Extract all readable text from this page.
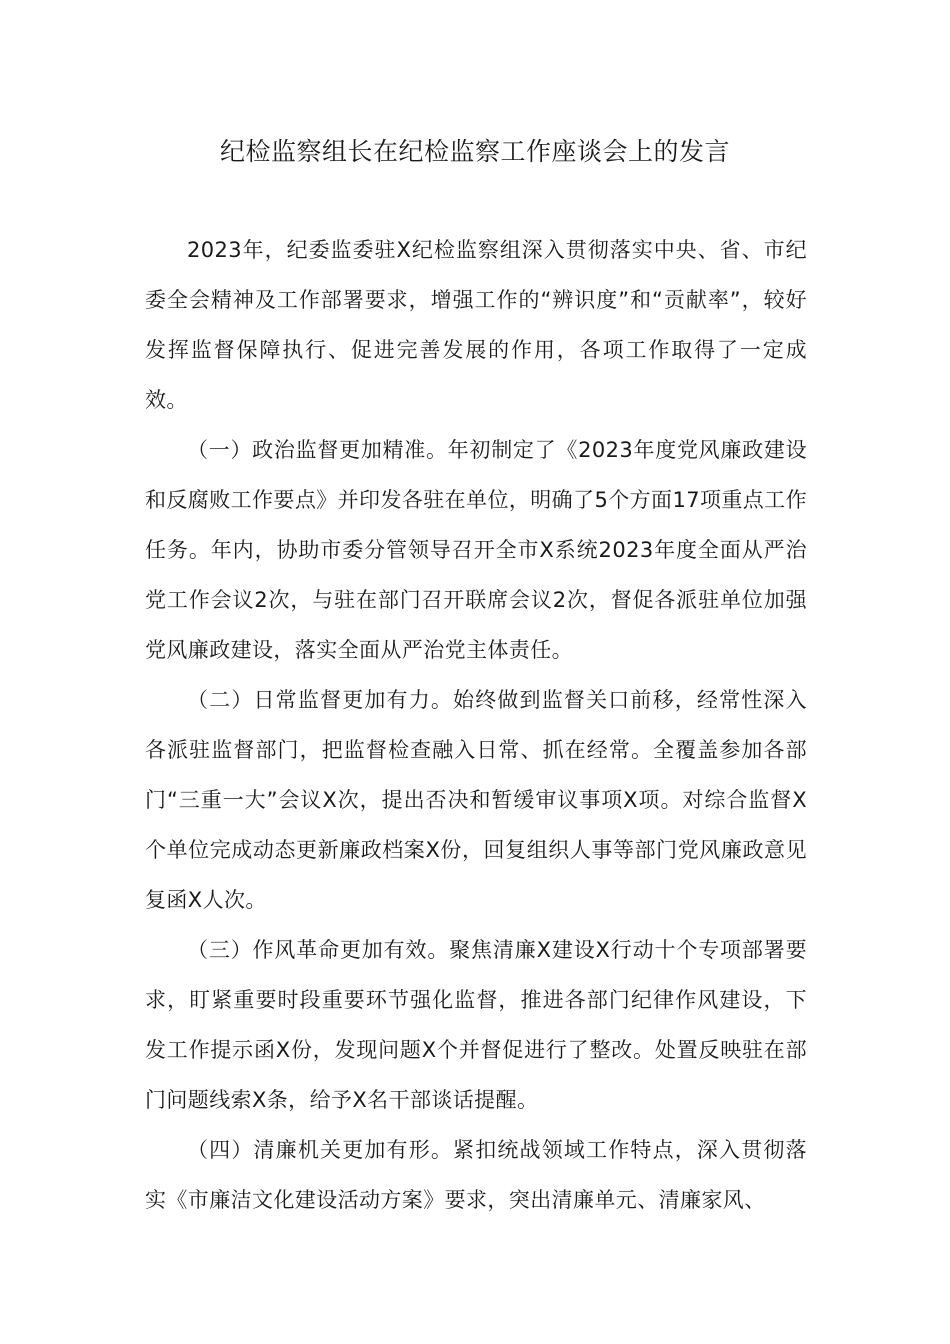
纪检监察组长在纪检监察工作座谈会上的发言

2023年，纪委监委驻X纪检监察组深入贯彻落实中央、省、市纪委全会精神及工作部署要求，增强工作的“辨识度”和“贡献率”，较好发挥监督保障执行、促进完善发展的作用，各项工作取得了一定成效。

（一）政治监督更加精准。年初制定了《2023年度党风廉政建设和反腐败工作要点》并印发各驻在单位，明确了5个方面17项重点工作任务。年内，协助市委分管领导召开全市X系统2023年度全面从严治党工作会议2次，与驻在部门召开联席会议2次，督促各派驻单位加强党风廉政建设，落实全面从严治党主体责任。

（二）日常监督更加有力。始终做到监督关口前移，经常性深入各派驻监督部门，把监督检查融入日常、抓在经常。全覆盖参加各部门“三重一大”会议X次，提出否决和暂缓审议事项X项。对综合监督X个单位完成动态更新廉政档案X份，回复组织人事等部门党风廉政意见复函X人次。

（三）作风革命更加有效。聚焦清廉X建设X行动十个专项部署要求，盯紧重要时段重要环节强化监督，推进各部门纪律作风建设，下发工作提示函X份，发现问题X个并督促进行了整改。处置反映驻在部门问题线索X条，给予X名干部谈话提醒。

（四）清廉机关更加有形。紧扣统战领域工作特点，深入贯彻落实《市廉洁文化建设活动方案》要求，突出清廉单元、清廉家风、
